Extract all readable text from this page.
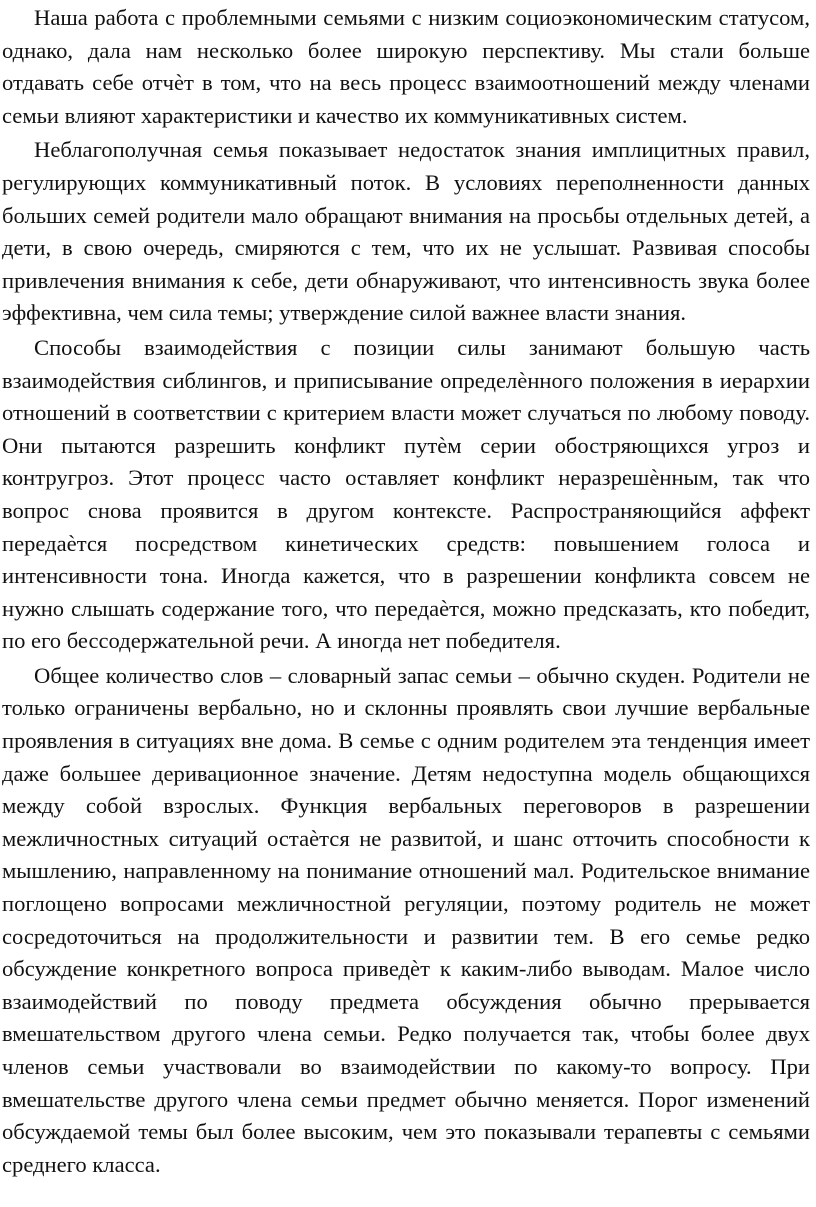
Наша работа с проблемными семьями с низким социоэкономическим статусом, однако, дала нам несколько более широкую перспективу. Мы стали больше отдавать себе отчѐт в том, что на весь процесс взаимоотношений между членами семьи влияют характеристики и качество их коммуникативных систем.

Неблагополучная семья показывает недостаток знания имплицитных правил, регулирующих коммуникативный поток. В условиях переполненности данных больших семей родители мало обращают внимания на просьбы отдельных детей, а дети, в свою очередь, смиряются с тем, что их не услышат. Развивая способы привлечения внимания к себе, дети обнаруживают, что интенсивность звука более эффективна, чем сила темы; утверждение силой важнее власти знания.

Способы взаимодействия с позиции силы занимают большую часть взаимодействия сиблингов, и приписывание определѐнного положения в иерархии отношений в соответствии с критерием власти может случаться по любому поводу. Они пытаются разрешить конфликт путѐм серии обостряющихся угроз и контругроз. Этот процесс часто оставляет конфликт неразрешѐнным, так что вопрос снова проявится в другом контексте. Распространяющийся аффект передаѐтся посредством кинетических средств: повышением голоса и интенсивности тона. Иногда кажется, что в разрешении конфликта совсем не нужно слышать содержание того, что передаѐтся, можно предсказать, кто победит, по его бессодержательной речи. А иногда нет победителя.

Общее количество слов – словарный запас семьи – обычно скуден. Родители не только ограничены вербально, но и склонны проявлять свои лучшие вербальные проявления в ситуациях вне дома. В семье с одним родителем эта тенденция имеет даже большее деривационное значение. Детям недоступна модель общающихся между собой взрослых. Функция вербальных переговоров в разрешении межличностных ситуаций остаѐтся не развитой, и шанс отточить способности к мышлению, направленному на понимание отношений мал. Родительское внимание поглощено вопросами межличностной регуляции, поэтому родитель не может сосредоточиться на продолжительности и развитии тем. В его семье редко обсуждение конкретного вопроса приведѐт к каким-либо выводам. Малое число взаимодействий по поводу предмета обсуждения обычно прерывается вмешательством другого члена семьи. Редко получается так, чтобы более двух членов семьи участвовали во взаимодействии по какому-то вопросу. При вмешательстве другого члена семьи предмет обычно меняется. Порог изменений обсуждаемой темы был более высоким, чем это показывали терапевты с семьями среднего класса.
